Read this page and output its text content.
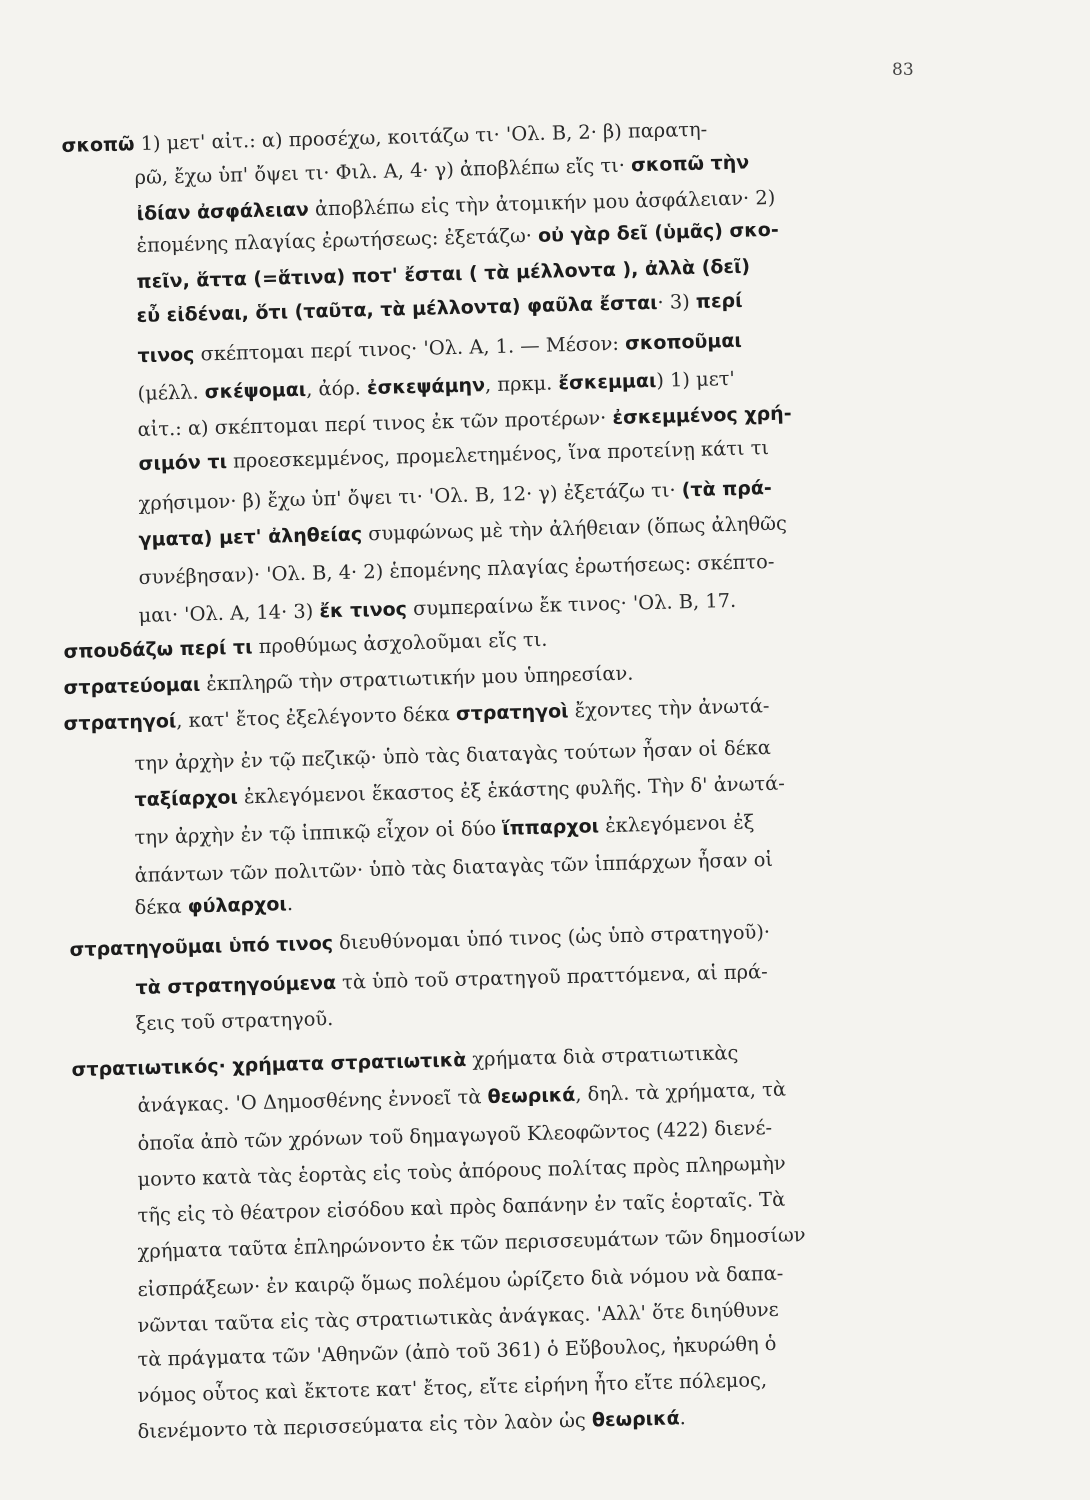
83
σκοπῶ 1) μετ' αἰτ.: α) προσέχω, κοιτάζω τι· 'Ολ. Β, 2· β) παρατη-
ρῶ, ἔχω ὑπ' ὄψει τι· Φιλ. Α, 4· γ) ἀποβλέπω εἴς τι· σκοπῶ τὴν
ἰδίαν ἀσφάλειαν ἀποβλέπω εἰς τὴν ἀτομικήν μου ἀσφάλειαν· 2)
ἑπομένης πλαγίας ἐρωτήσεως: ἐξετάζω· οὐ γὰρ δεῖ (ὑμᾶς) σκο-
πεῖν, ἅττα (=ἅτινα) ποτ' ἔσται ( τὰ μέλλοντα ), ἀλλὰ (δεῖ)
εὖ εἰδέναι, ὅτι (ταῦτα, τὰ μέλλοντα) φαῦλα ἔσται· 3) περί
τινος σκέπτομαι περί τινος· 'Ολ. Α, 1. — Μέσον: σκοποῦμαι
(μέλλ. σκέψομαι, ἀόρ. ἐσκεψάμην, πρκμ. ἔσκεμμαι) 1) μετ'
αἰτ.: α) σκέπτομαι περί τινος ἐκ τῶν προτέρων· ἐσκεμμένος χρή-
σιμόν τι προεσκεμμένος, προμελετημένος, ἵνα προτείνῃ κάτι τι
χρήσιμον· β) ἔχω ὑπ' ὄψει τι· 'Ολ. Β, 12· γ) ἐξετάζω τι· (τὰ πρά-
γματα) μετ' ἀληθείας συμφώνως μὲ τὴν ἀλήθειαν (ὅπως ἀληθῶς
συνέβησαν)· 'Ολ. Β, 4· 2) ἑπομένης πλαγίας ἐρωτήσεως: σκέπτο-
μαι· 'Ολ. Α, 14· 3) ἔκ τινος συμπεραίνω ἔκ τινος· 'Ολ. Β, 17.
σπουδάζω περί τι προθύμως ἀσχολοῦμαι εἴς τι.
στρατεύομαι ἐκπληρῶ τὴν στρατιωτικήν μου ὑπηρεσίαν.
στρατηγοί, κατ' ἔτος ἐξελέγοντο δέκα στρατηγοὶ ἔχοντες τὴν ἀνωτά-
την ἀρχὴν ἐν τῷ πεζικῷ· ὑπὸ τὰς διαταγὰς τούτων ἦσαν οἱ δέκα
ταξίαρχοι ἐκλεγόμενοι ἕκαστος ἐξ ἑκάστης φυλῆς. Τὴν δ' ἀνωτά-
την ἀρχὴν ἐν τῷ ἱππικῷ εἶχον οἱ δύο ἵππαρχοι ἐκλεγόμενοι ἐξ
ἁπάντων τῶν πολιτῶν· ὑπὸ τὰς διαταγὰς τῶν ἱππάρχων ἦσαν οἱ
δέκα φύλαρχοι.
στρατηγοῦμαι ὑπό τινος διευθύνομαι ὑπό τινος (ὡς ὑπὸ στρατηγοῦ)·
τὰ στρατηγούμενα τὰ ὑπὸ τοῦ στρατηγοῦ πραττόμενα, αἱ πρά-
ξεις τοῦ στρατηγοῦ.
στρατιωτικός· χρήματα στρατιωτικὰ χρήματα διὰ στρατιωτικὰς
ἀνάγκας. 'Ο Δημοσθένης ἐννοεῖ τὰ θεωρικά, δηλ. τὰ χρήματα, τὰ
ὁποῖα ἀπὸ τῶν χρόνων τοῦ δημαγωγοῦ Κλεοφῶντος (422) διενέ-
μοντο κατὰ τὰς ἑορτὰς εἰς τοὺς ἀπόρους πολίτας πρὸς πληρωμὴν
τῆς εἰς τὸ θέατρον εἰσόδου καὶ πρὸς δαπάνην ἐν ταῖς ἑορταῖς. Τὰ
χρήματα ταῦτα ἐπληρώνοντο ἐκ τῶν περισσευμάτων τῶν δημοσίων
εἰσπράξεων· ἐν καιρῷ ὅμως πολέμου ὡρίζετο διὰ νόμου νὰ δαπα-
νῶνται ταῦτα εἰς τὰς στρατιωτικὰς ἀνάγκας. 'Αλλ' ὅτε διηύθυνε
τὰ πράγματα τῶν 'Αθηνῶν (ἀπὸ τοῦ 361) ὁ Εὔβουλος, ἠκυρώθη ὁ
νόμος οὗτος καὶ ἔκτοτε κατ' ἔτος, εἴτε εἰρήνη ἦτο εἴτε πόλεμος,
διενέμοντο τὰ περισσεύματα εἰς τὸν λαὸν ὡς θεωρικά.
